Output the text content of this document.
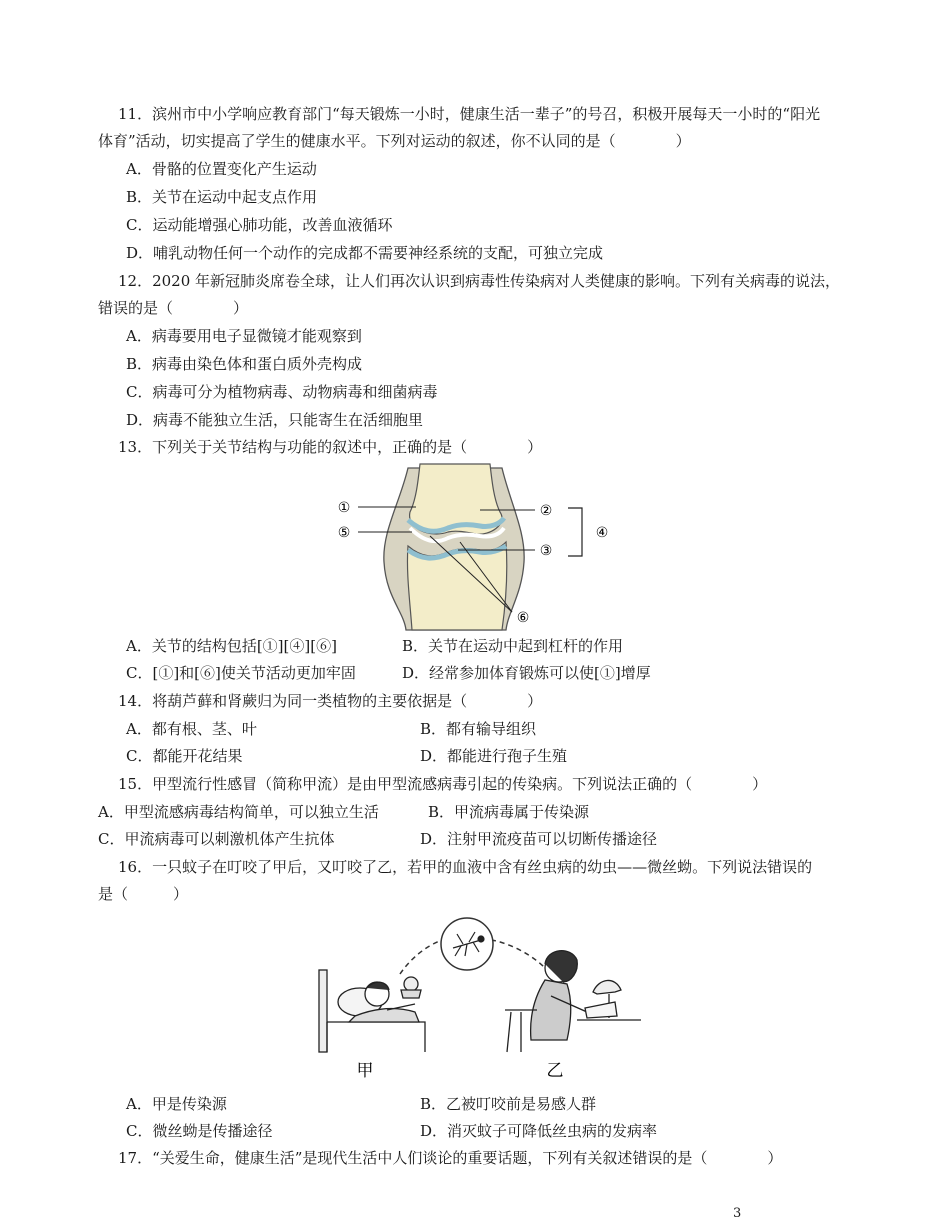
11．滨州市中小学响应教育部门“每天锻炼一小时，健康生活一辈子”的号召，积极开展每天一小时的“阳光
体育”活动，切实提高了学生的健康水平。下列对运动的叙述，你不认同的是（　　　　）
A．骨骼的位置变化产生运动
B．关节在运动中起支点作用
C．运动能增强心肺功能，改善血液循环
D．哺乳动物任何一个动作的完成都不需要神经系统的支配，可独立完成
12．2020 年新冠肺炎席卷全球，让人们再次认识到病毒性传染病对人类健康的影响。下列有关病毒的说法，
错误的是（　　　　）
A．病毒要用电子显微镜才能观察到
B．病毒由染色体和蛋白质外壳构成
C．病毒可分为植物病毒、动物病毒和细菌病毒
D．病毒不能独立生活，只能寄生在活细胞里
13．下列关于关节结构与功能的叙述中，正确的是（　　　　）
①
⑤
②
③
④
⑥
A．关节的结构包括[①][④][⑥]	B．关节在运动中起到杠杆的作用
C．[①]和[⑥]使关节活动更加牢固	D．经常参加体育锻炼可以使[①]增厚
14．将葫芦藓和肾蕨归为同一类植物的主要依据是（　　　　）
A．都有根、茎、叶	B．都有输导组织
C．都能开花结果	D．都能进行孢子生殖
15．甲型流行性感冒（简称甲流）是由甲型流感病毒引起的传染病。下列说法正确的（　　　　）
A．甲型流感病毒结构简单，可以独立生活	B．甲流病毒属于传染源
C．甲流病毒可以刺激机体产生抗体	D．注射甲流疫苗可以切断传播途径
16．一只蚊子在叮咬了甲后，又叮咬了乙，若甲的血液中含有丝虫病的幼虫——微丝蚴。下列说法错误的
是（　　　）
甲	乙
A．甲是传染源	B．乙被叮咬前是易感人群
C．微丝蚴是传播途径	D．消灭蚊子可降低丝虫病的发病率
17．“关爱生命，健康生活”是现代生活中人们谈论的重要话题，下列有关叙述错误的是（　　　　）
3
